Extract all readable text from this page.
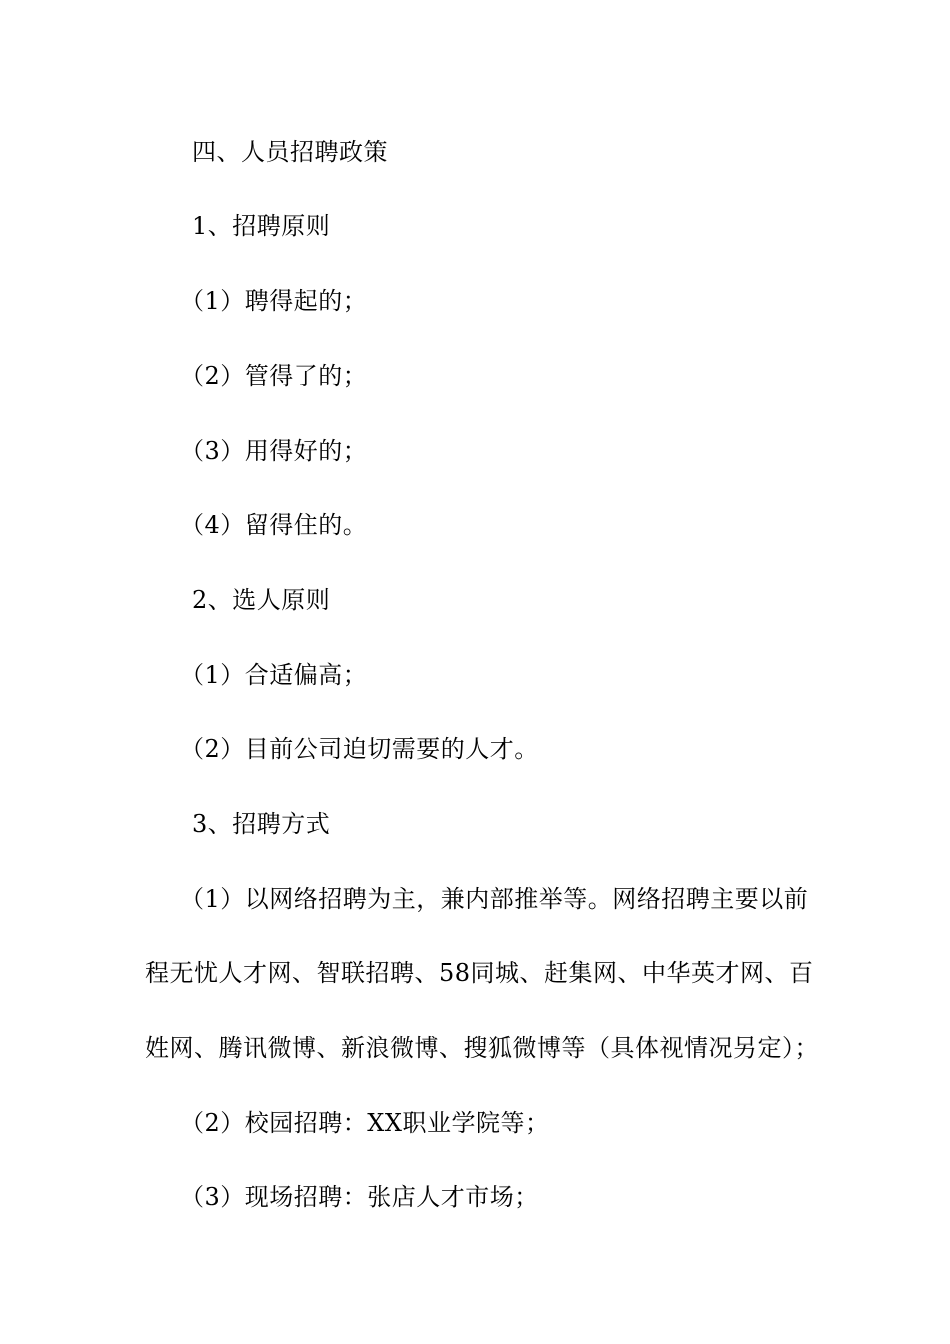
四、人员招聘政策
1、招聘原则
（1）聘得起的；
（2）管得了的；
（3）用得好的；
（4）留得住的。
2、选人原则
（1）合适偏高；
（2）目前公司迫切需要的人才。
3、招聘方式
（1）以网络招聘为主，兼内部推举等。网络招聘主要以前
程无忧人才网、智联招聘、58同城、赶集网、中华英才网、百
姓网、腾讯微博、新浪微博、搜狐微博等（具体视情况另定）；
（2）校园招聘：XX职业学院等；
（3）现场招聘：张店人才市场；
